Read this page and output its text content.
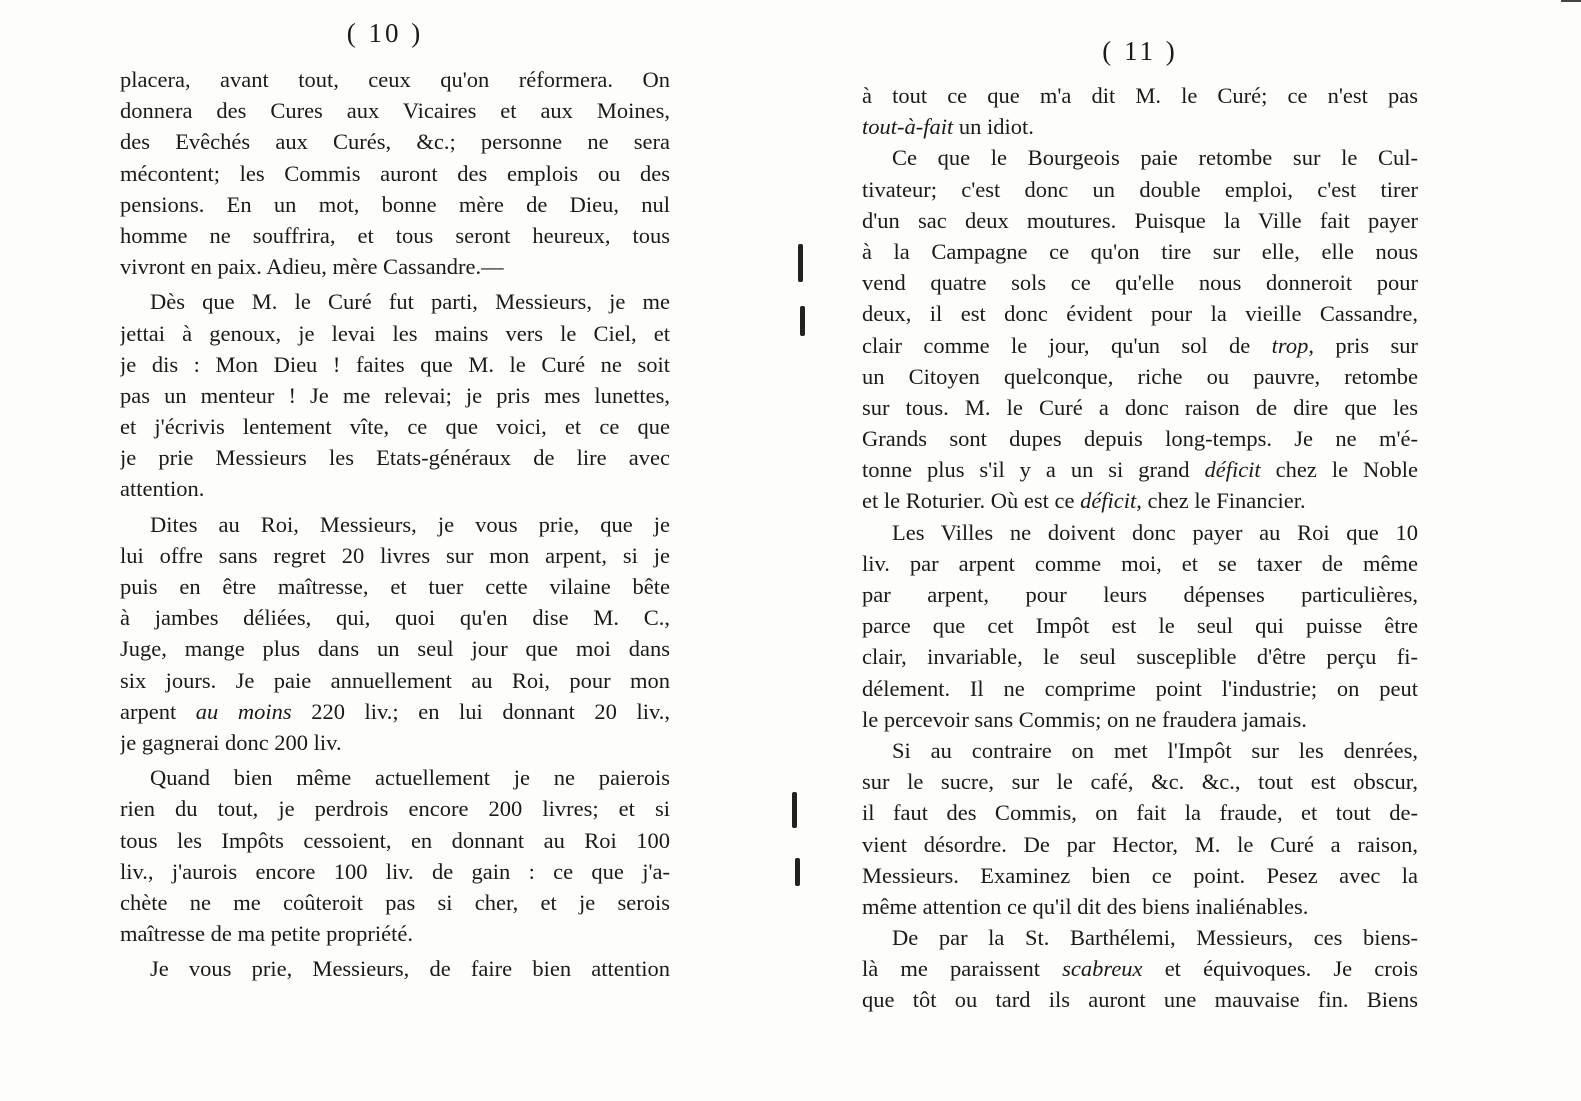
( 10 )
placera, avant tout, ceux qu'on réformera. On
donnera des Cures aux Vicaires et aux Moines,
des Evêchés aux Curés, &c.; personne ne sera
mécontent; les Commis auront des emplois ou des
pensions. En un mot, bonne mère de Dieu, nul
homme ne souffrira, et tous seront heureux, tous
vivront en paix. Adieu, mère Cassandre.—
Dès que M. le Curé fut parti, Messieurs, je me
jettai à genoux, je levai les mains vers le Ciel, et
je dis : Mon Dieu ! faites que M. le Curé ne soit
pas un menteur ! Je me relevai; je pris mes lunettes,
et j'écrivis lentement vîte, ce que voici, et ce que
je prie Messieurs les Etats-généraux de lire avec
attention.
Dites au Roi, Messieurs, je vous prie, que je
lui offre sans regret 20 livres sur mon arpent, si je
puis en être maîtresse, et tuer cette vilaine bête
à jambes déliées, qui, quoi qu'en dise M. C.,
Juge, mange plus dans un seul jour que moi dans
six jours. Je paie annuellement au Roi, pour mon
arpent au moins 220 liv.; en lui donnant 20 liv.,
je gagnerai donc 200 liv.
Quand bien même actuellement je ne paierois
rien du tout, je perdrois encore 200 livres; et si
tous les Impôts cessoient, en donnant au Roi 100
liv., j'aurois encore 100 liv. de gain : ce que j'a-
chète ne me coûteroit pas si cher, et je serois
maîtresse de ma petite propriété.
Je vous prie, Messieurs, de faire bien attention
( 11 )
à tout ce que m'a dit M. le Curé; ce n'est pas
tout-à-fait un idiot.
Ce que le Bourgeois paie retombe sur le Cul-
tivateur; c'est donc un double emploi, c'est tirer
d'un sac deux moutures. Puisque la Ville fait payer
à la Campagne ce qu'on tire sur elle, elle nous
vend quatre sols ce qu'elle nous donneroit pour
deux, il est donc évident pour la vieille Cassandre,
clair comme le jour, qu'un sol de trop, pris sur
un Citoyen quelconque, riche ou pauvre, retombe
sur tous. M. le Curé a donc raison de dire que les
Grands sont dupes depuis long-temps. Je ne m'é-
tonne plus s'il y a un si grand déficit chez le Noble
et le Roturier. Où est ce déficit, chez le Financier.
Les Villes ne doivent donc payer au Roi que 10
liv. par arpent comme moi, et se taxer de même
par arpent, pour leurs dépenses particulières,
parce que cet Impôt est le seul qui puisse être
clair, invariable, le seul susceplible d'être perçu fi-
délement. Il ne comprime point l'industrie; on peut
le percevoir sans Commis; on ne fraudera jamais.
Si au contraire on met l'Impôt sur les denrées,
sur le sucre, sur le café, &c. &c., tout est obscur,
il faut des Commis, on fait la fraude, et tout de-
vient désordre. De par Hector, M. le Curé a raison,
Messieurs. Examinez bien ce point. Pesez avec la
même attention ce qu'il dit des biens inaliénables.
De par la St. Barthélemi, Messieurs, ces biens-
là me paraissent scabreux et équivoques. Je crois
que tôt ou tard ils auront une mauvaise fin. Biens
